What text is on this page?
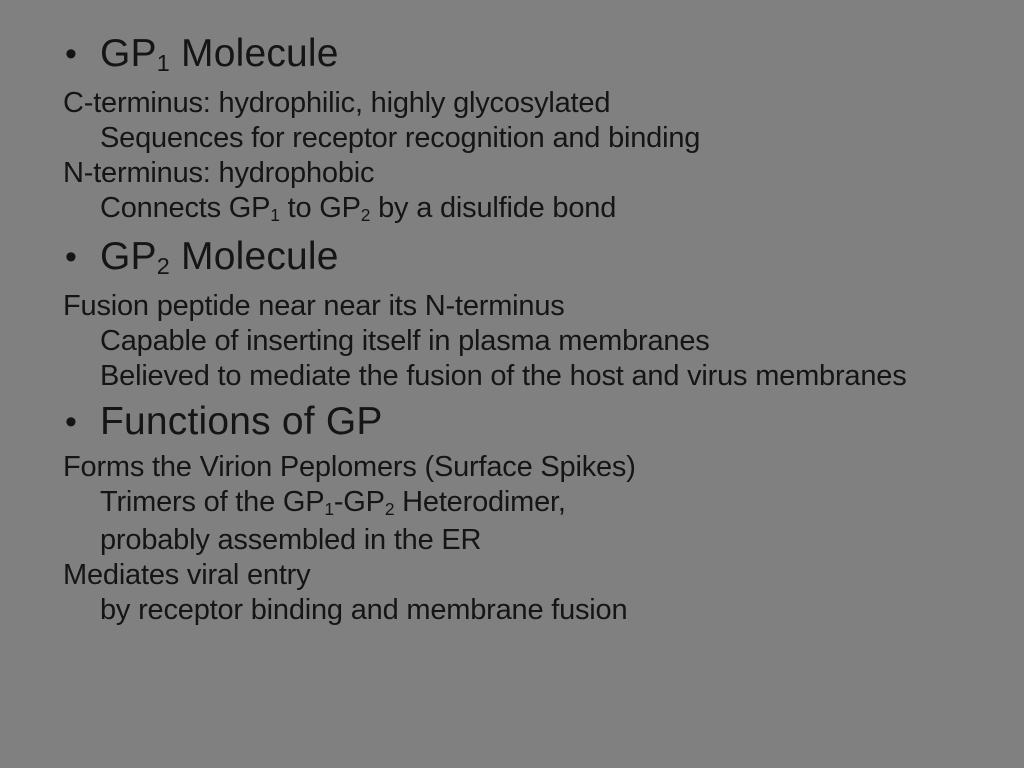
• GP1 Molecule
C-terminus: hydrophilic, highly glycosylated
Sequences for receptor recognition and binding
N-terminus: hydrophobic
Connects GP1 to GP2 by a disulfide bond
• GP2 Molecule
Fusion peptide near near its N-terminus
Capable of inserting itself in plasma membranes
Believed to mediate the fusion of the host and virus membranes
• Functions of GP
Forms the Virion Peplomers (Surface Spikes)
Trimers of the GP1-GP2 Heterodimer,
probably assembled in the ER
Mediates viral entry
by receptor binding and membrane fusion
